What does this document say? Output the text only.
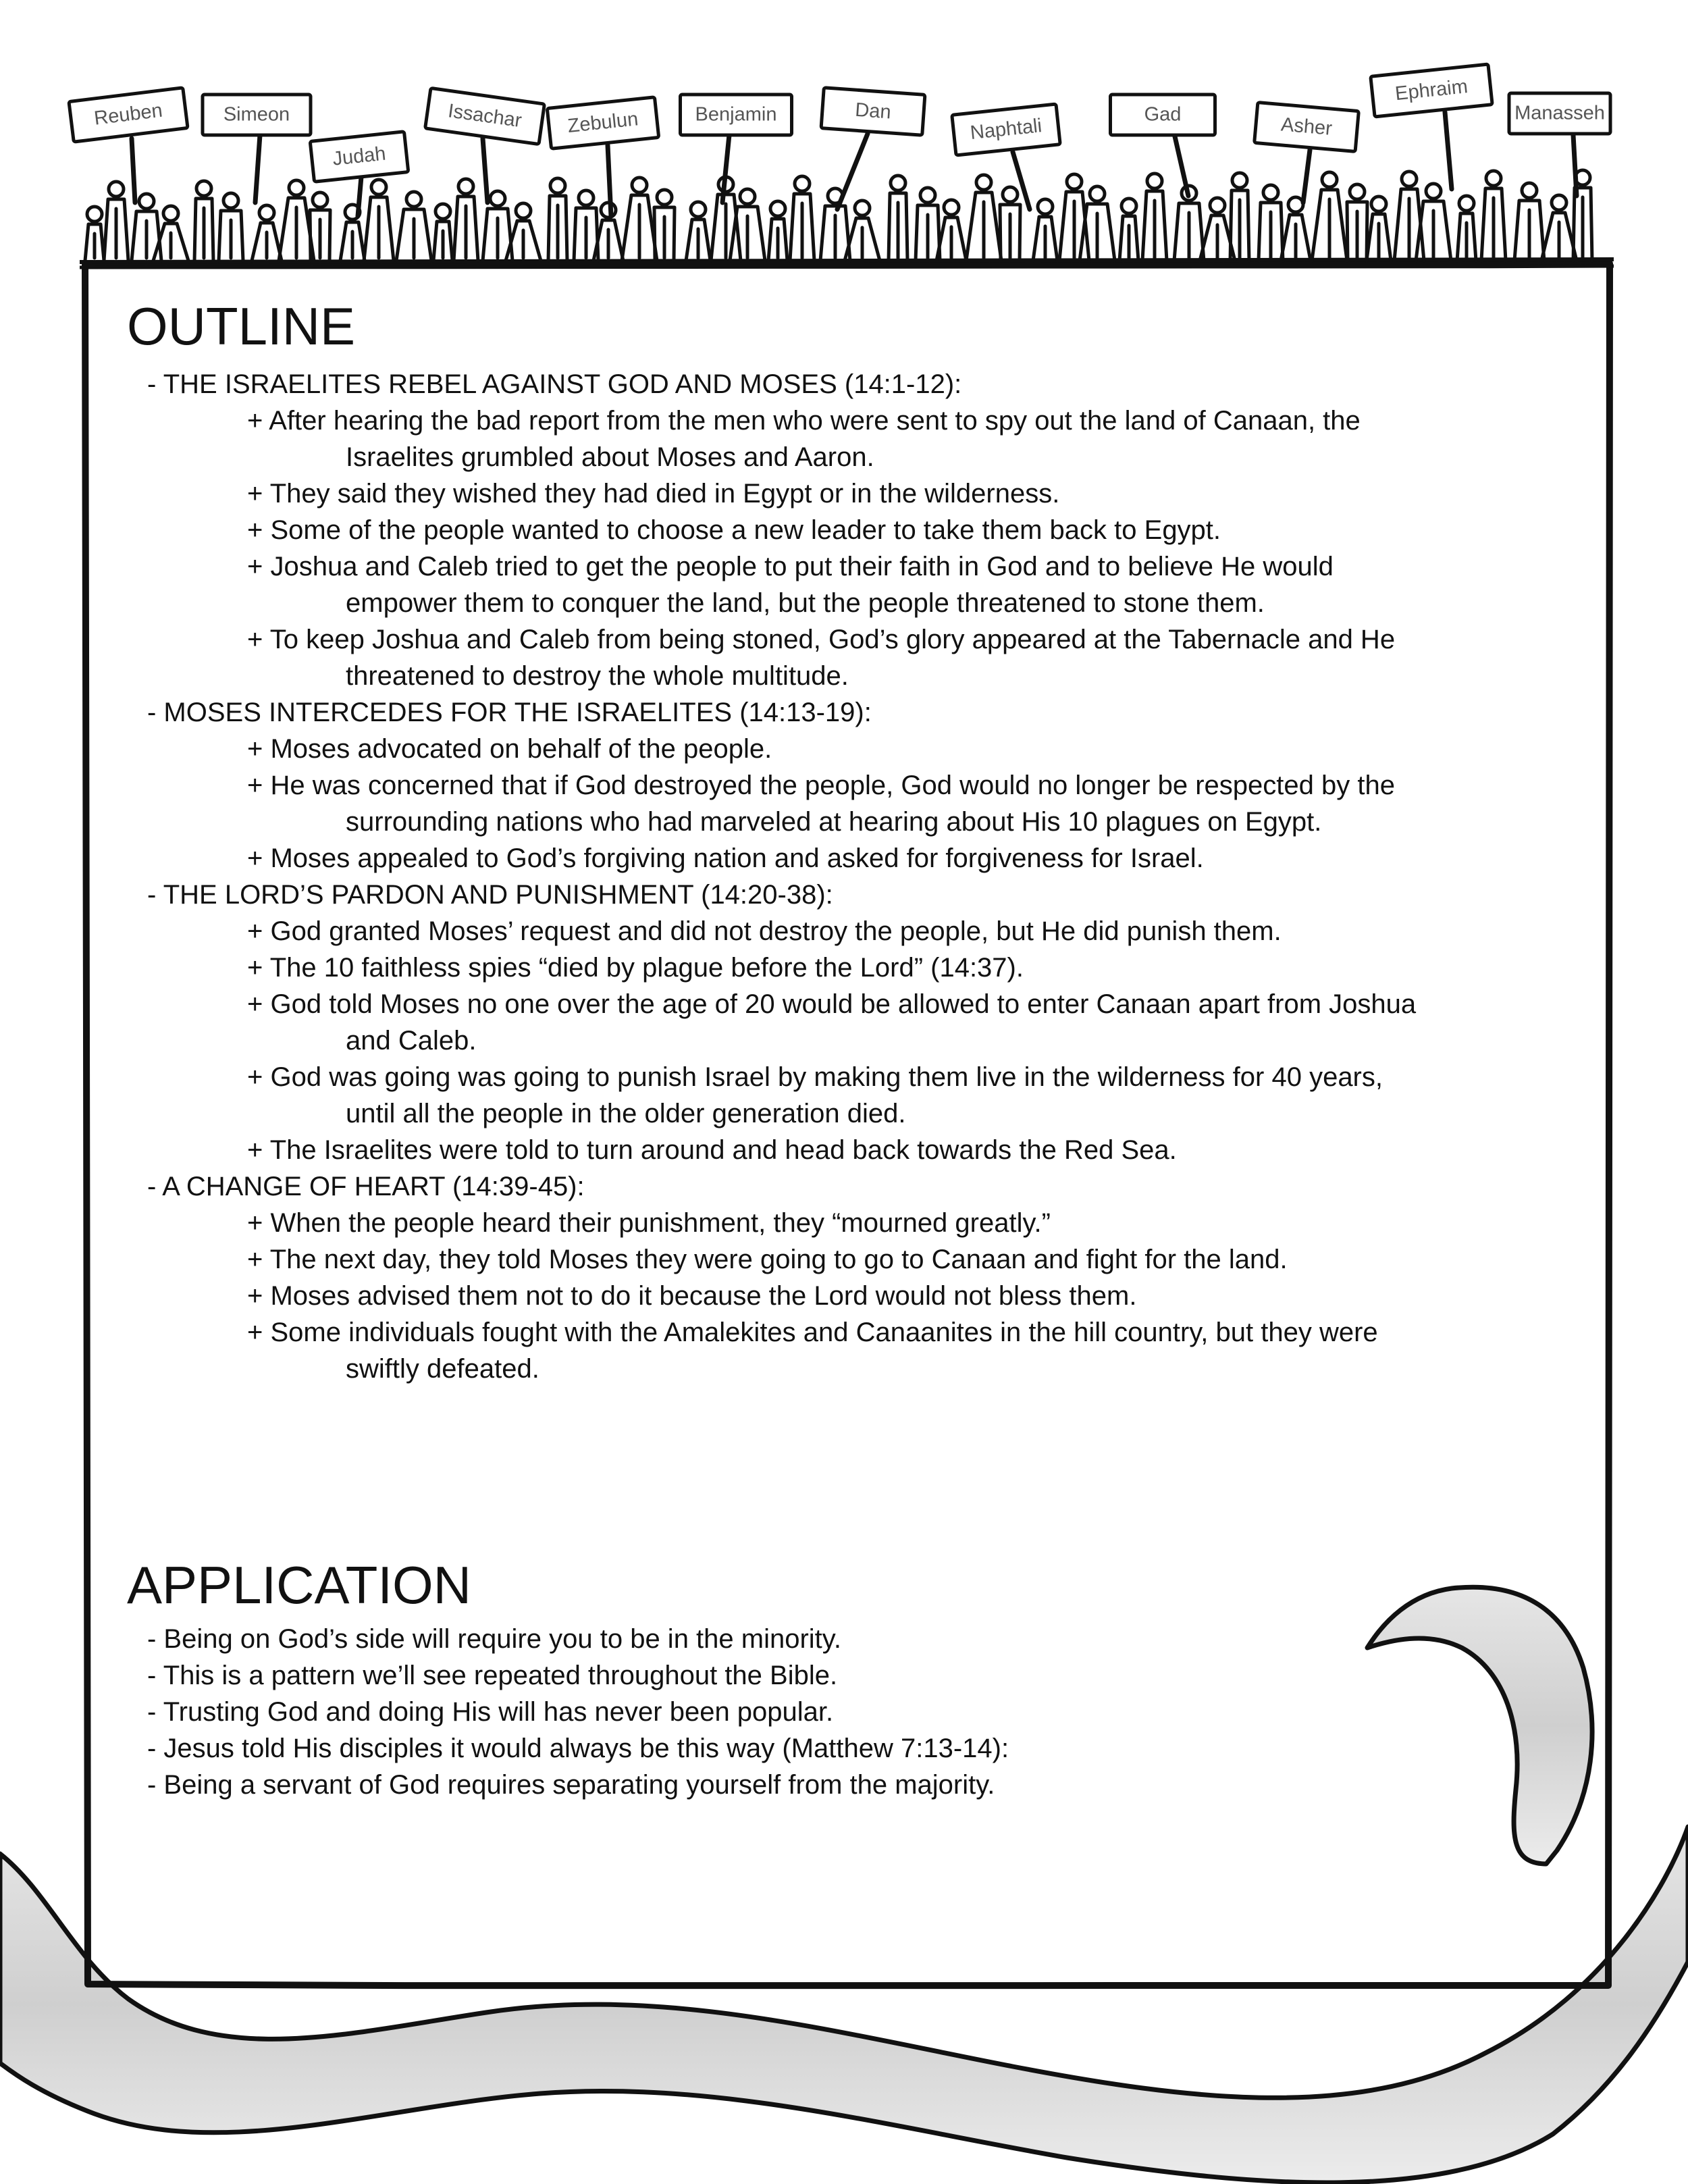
Reuben	Simeon
Judah
Issachar Zebulun	Benjamin	Dan
Naphtali
Gad	Asher
Ephraim
Manasseh
OUTLINE
- THE ISRAELITES REBEL AGAINST GOD AND MOSES (14:1-12):
+ After hearing the bad report from the men who were sent to spy out the land of Canaan, the
Israelites grumbled about Moses and Aaron.
+ They said they wished they had died in Egypt or in the wilderness.
+ Some of the people wanted to choose a new leader to take them back to Egypt.
+ Joshua and Caleb tried to get the people to put their faith in God and to believe He would
empower them to conquer the land, but the people threatened to stone them.
+ To keep Joshua and Caleb from being stoned, God’s glory appeared at the Tabernacle and He
threatened to destroy the whole multitude.
- MOSES INTERCEDES FOR THE ISRAELITES (14:13-19):
+ Moses advocated on behalf of the people.
+ He was concerned that if God destroyed the people, God would no longer be respected by the
surrounding nations who had marveled at hearing about His 10 plagues on Egypt.
+ Moses appealed to God’s forgiving nation and asked for forgiveness for Israel.
- THE LORD’S PARDON AND PUNISHMENT (14:20-38):
+ God granted Moses’ request and did not destroy the people, but He did punish them.
+ The 10 faithless spies “died by plague before the Lord” (14:37).
+ God told Moses no one over the age of 20 would be allowed to enter Canaan apart from Joshua
and Caleb.
+ God was going was going to punish Israel by making them live in the wilderness for 40 years,
until all the people in the older generation died.
+ The Israelites were told to turn around and head back towards the Red Sea.
- A CHANGE OF HEART (14:39-45):
+ When the people heard their punishment, they “mourned greatly.”
+ The next day, they told Moses they were going to go to Canaan and fight for the land.
+ Moses advised them not to do it because the Lord would not bless them.
+ Some individuals fought with the Amalekites and Canaanites in the hill country, but they were
swiftly defeated.
APPLICATION
- Being on God’s side will require you to be in the minority.
- This is a pattern we’ll see repeated throughout the Bible.
- Trusting God and doing His will has never been popular.
- Jesus told His disciples it would always be this way (Matthew 7:13-14):
- Being a servant of God requires separating yourself from the majority.
